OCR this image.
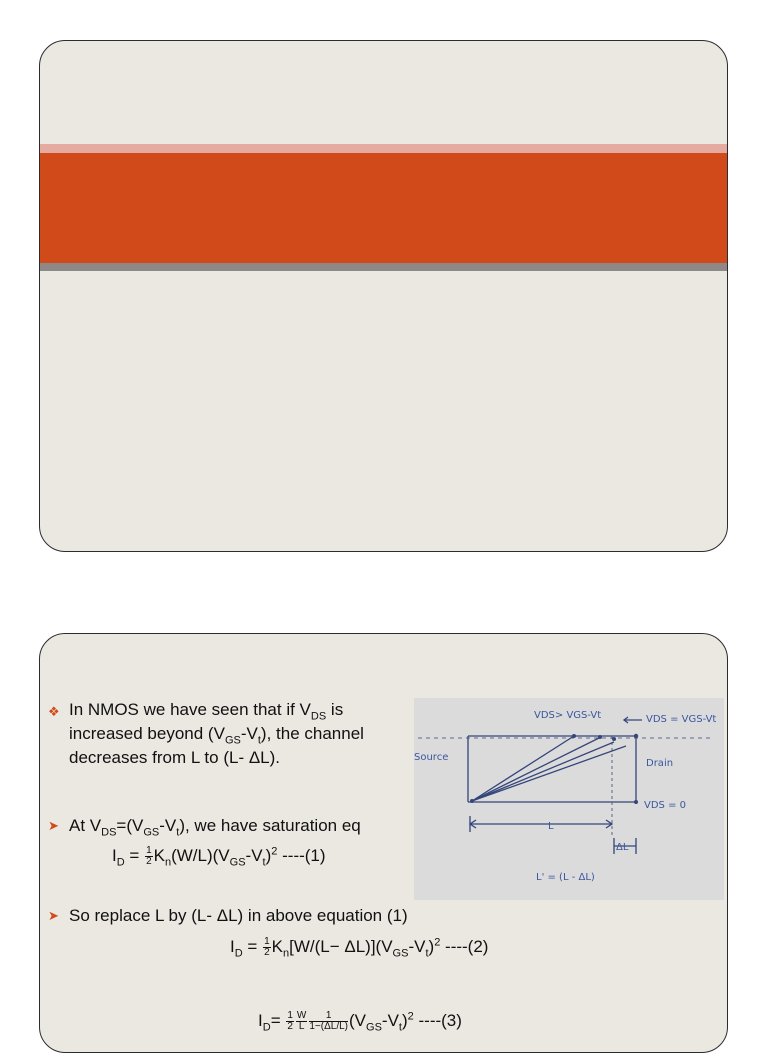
❖ In NMOS we have seen that if $V_{DS}$ is
increased beyond $(V_{GS}-V_t)$, the channel
decreases from L to (L- ΔL).
➤ At $V_{DS}=(V_{GS}-V_t)$, we have saturation eq
$I_D = \frac{1}{2} K_n(W/L)(V_{GS}-V_t)^2$ ----(1)
VDS> VGS-Vt	VDS = VGS-Vt
Source
Drain
VDS = 0
L
ΔL
L' = (L - ΔL)
➤ So replace L by (L- ΔL) in above equation (1)
$I_D = \frac{1}{2} K_n[W/(L- \Delta L)](V_{GS}-V_t)^2$ ----(2)
$I_D= \frac{1}{2} \frac{W}{L} \frac{1}{1-(\Delta L/L)} (V_{GS}-V_t)^2$ ----(3)
